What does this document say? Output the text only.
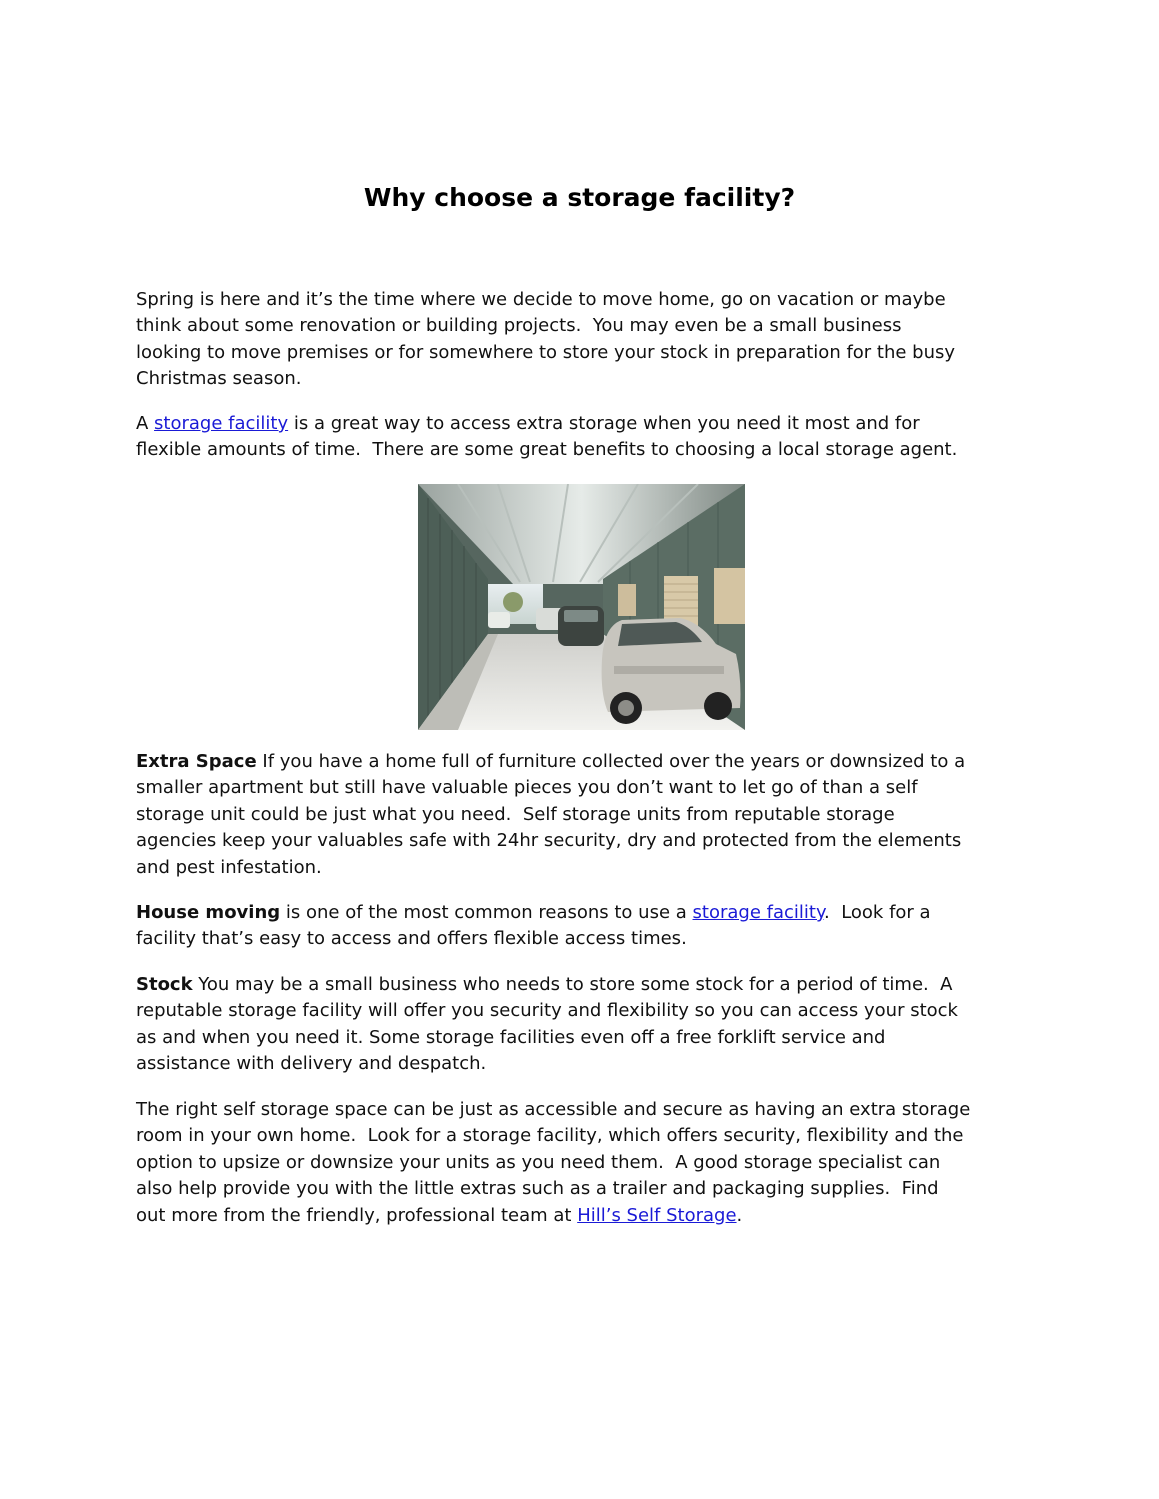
Why choose a storage facility?

Spring is here and it’s the time where we decide to move home, go on vacation or maybe
think about some renovation or building projects.  You may even be a small business
looking to move premises or for somewhere to store your stock in preparation for the busy
Christmas season.

A storage facility is a great way to access extra storage when you need it most and for
flexible amounts of time.  There are some great benefits to choosing a local storage agent.

Extra Space If you have a home full of furniture collected over the years or downsized to a
smaller apartment but still have valuable pieces you don’t want to let go of than a self
storage unit could be just what you need.  Self storage units from reputable storage
agencies keep your valuables safe with 24hr security, dry and protected from the elements
and pest infestation.

House moving is one of the most common reasons to use a storage facility.  Look for a
facility that’s easy to access and offers flexible access times.

Stock You may be a small business who needs to store some stock for a period of time.  A
reputable storage facility will offer you security and flexibility so you can access your stock
as and when you need it. Some storage facilities even off a free forklift service and
assistance with delivery and despatch.

The right self storage space can be just as accessible and secure as having an extra storage
room in your own home.  Look for a storage facility, which offers security, flexibility and the
option to upsize or downsize your units as you need them.  A good storage specialist can
also help provide you with the little extras such as a trailer and packaging supplies.  Find
out more from the friendly, professional team at Hill’s Self Storage.
